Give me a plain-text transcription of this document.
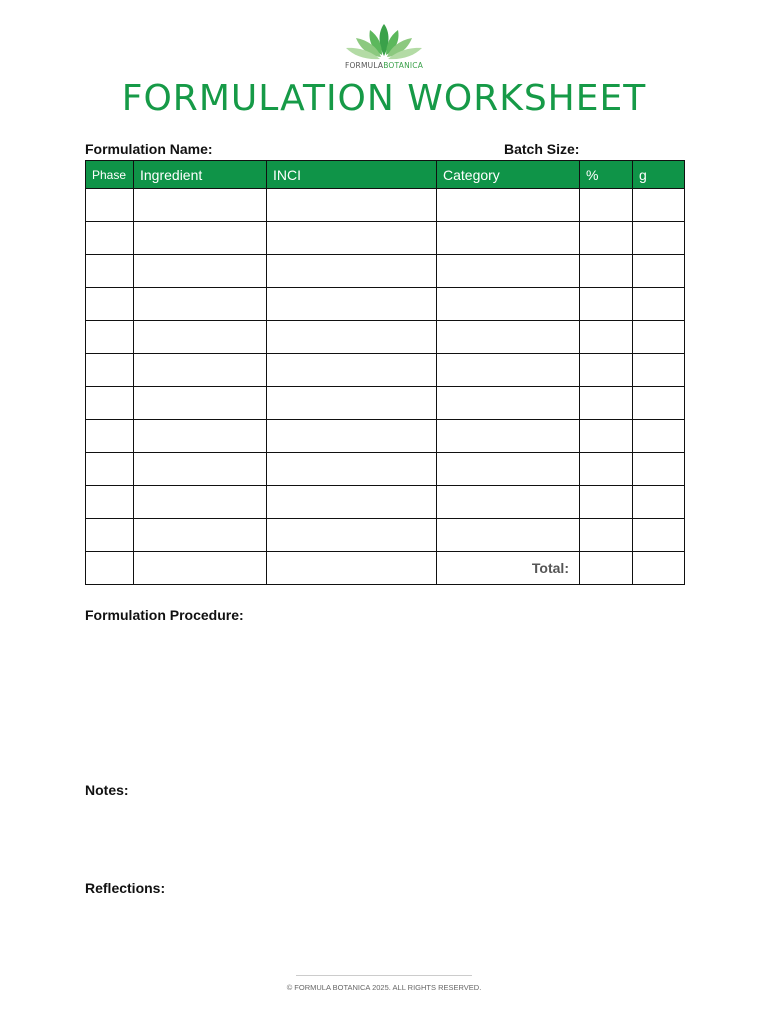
FORMULABOTANICA
FORMULATION WORKSHEET
Formulation Name:	Batch Size:
Phase	Ingredient	INCI	Category	%	g

			Total:		
Formulation Procedure:
Notes:
Reflections:
© FORMULA BOTANICA 2025. ALL RIGHTS RESERVED.
